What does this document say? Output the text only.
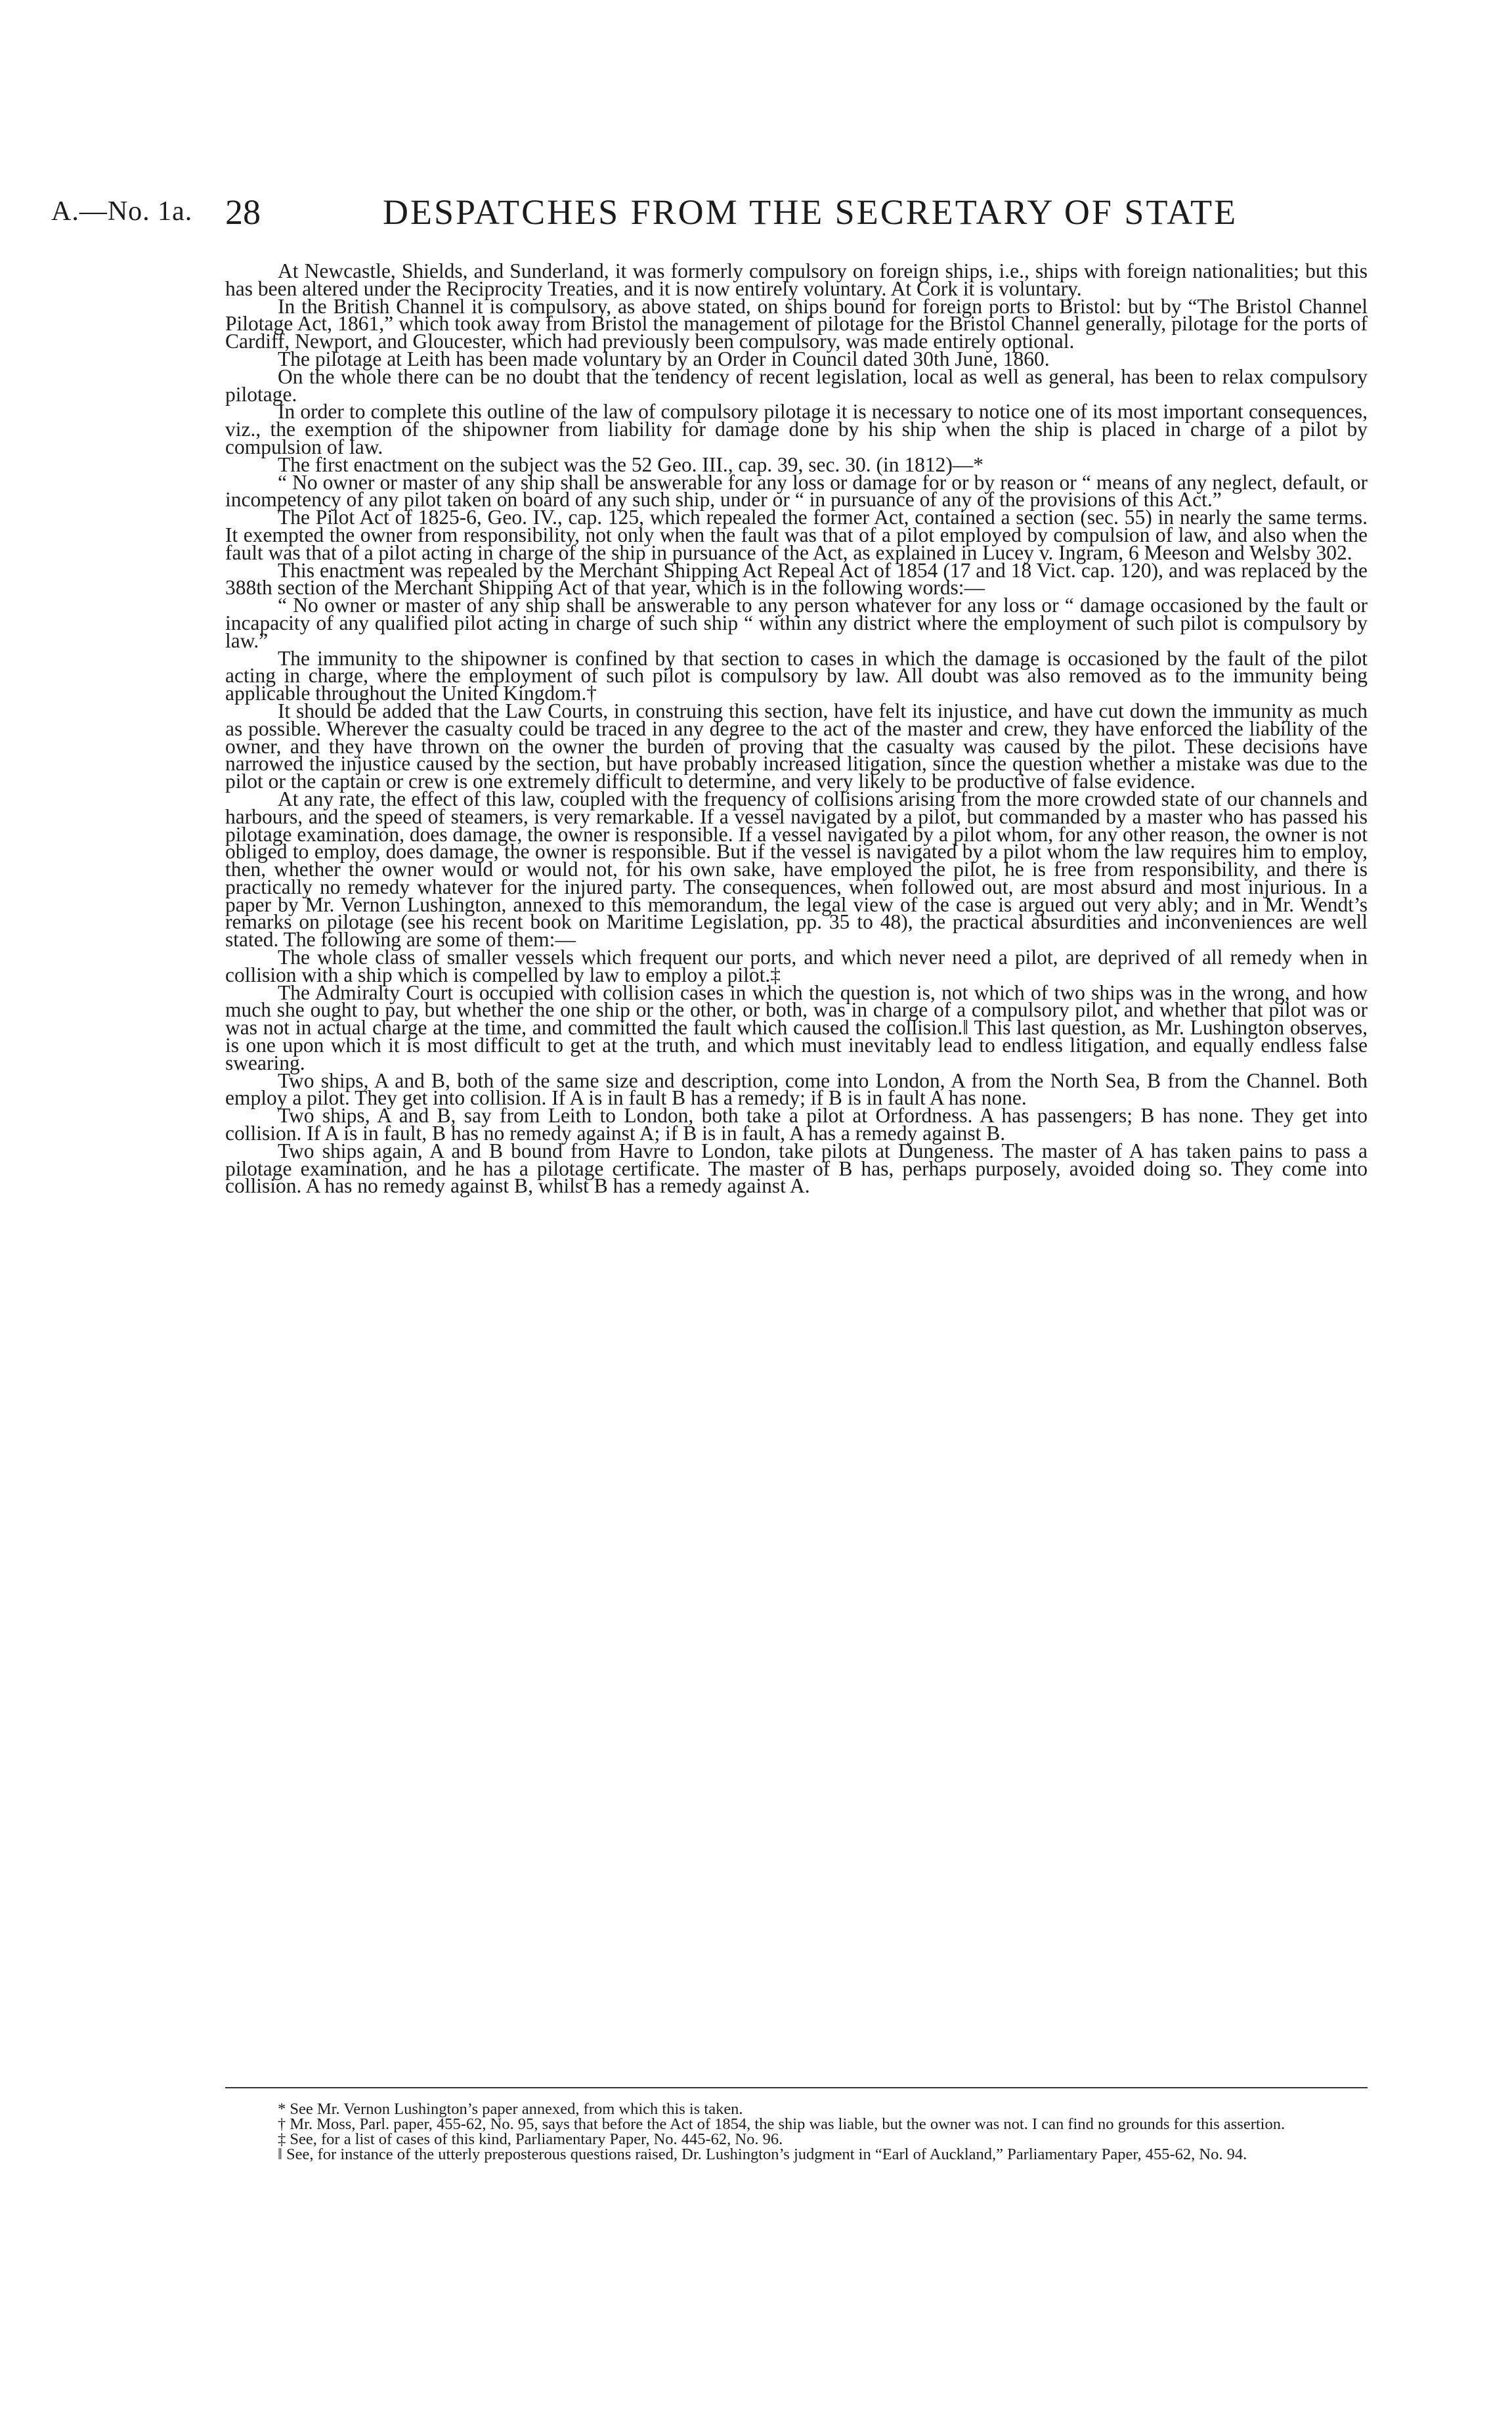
A.—No. 1a. 28	DESPATCHES FROM THE SECRETARY OF STATE

At Newcastle, Shields, and Sunderland, it was formerly compulsory on foreign ships, i.e., ships with foreign nationalities; but this has been altered under the Reciprocity Treaties, and it is now entirely voluntary. At Cork it is voluntary.

In the British Channel it is compulsory, as above stated, on ships bound for foreign ports to Bristol: but by “The Bristol Channel Pilotage Act, 1861,” which took away from Bristol the management of pilotage for the Bristol Channel generally, pilotage for the ports of Cardiff, Newport, and Gloucester, which had previously been compulsory, was made entirely optional.

The pilotage at Leith has been made voluntary by an Order in Council dated 30th June, 1860.

On the whole there can be no doubt that the tendency of recent legislation, local as well as general, has been to relax compulsory pilotage.

In order to complete this outline of the law of compulsory pilotage it is necessary to notice one of its most important consequences, viz., the exemption of the shipowner from liability for damage done by his ship when the ship is placed in charge of a pilot by compulsion of law.

The first enactment on the subject was the 52 Geo. III., cap. 39, sec. 30. (in 1812)—*

“ No owner or master of any ship shall be answerable for any loss or damage for or by reason or “ means of any neglect, default, or incompetency of any pilot taken on board of any such ship, under or “ in pursuance of any of the provisions of this Act.”

The Pilot Act of 1825-6, Geo. IV., cap. 125, which repealed the former Act, contained a section (sec. 55) in nearly the same terms. It exempted the owner from responsibility, not only when the fault was that of a pilot employed by compulsion of law, and also when the fault was that of a pilot acting in charge of the ship in pursuance of the Act, as explained in Lucey v. Ingram, 6 Meeson and Welsby 302.

This enactment was repealed by the Merchant Shipping Act Repeal Act of 1854 (17 and 18 Vict. cap. 120), and was replaced by the 388th section of the Merchant Shipping Act of that year, which is in the following words:—

“ No owner or master of any ship shall be answerable to any person whatever for any loss or “ damage occasioned by the fault or incapacity of any qualified pilot acting in charge of such ship “ within any district where the employment of such pilot is compulsory by law.”

The immunity to the shipowner is confined by that section to cases in which the damage is occasioned by the fault of the pilot acting in charge, where the employment of such pilot is compulsory by law. All doubt was also removed as to the immunity being applicable throughout the United Kingdom.†

It should be added that the Law Courts, in construing this section, have felt its injustice, and have cut down the immunity as much as possible. Wherever the casualty could be traced in any degree to the act of the master and crew, they have enforced the liability of the owner, and they have thrown on the owner the burden of proving that the casualty was caused by the pilot. These decisions have narrowed the injustice caused by the section, but have probably increased litigation, since the question whether a mistake was due to the pilot or the captain or crew is one extremely difficult to determine, and very likely to be productive of false evidence.

At any rate, the effect of this law, coupled with the frequency of collisions arising from the more crowded state of our channels and harbours, and the speed of steamers, is very remarkable. If a vessel navigated by a pilot, but commanded by a master who has passed his pilotage examination, does damage, the owner is responsible. If a vessel navigated by a pilot whom, for any other reason, the owner is not obliged to employ, does damage, the owner is responsible. But if the vessel is navigated by a pilot whom the law requires him to employ, then, whether the owner would or would not, for his own sake, have employed the pilot, he is free from responsibility, and there is practically no remedy whatever for the injured party. The consequences, when followed out, are most absurd and most injurious. In a paper by Mr. Vernon Lushington, annexed to this memorandum, the legal view of the case is argued out very ably; and in Mr. Wendt’s remarks on pilotage (see his recent book on Maritime Legislation, pp. 35 to 48), the practical absurdities and inconveniences are well stated. The following are some of them:—

The whole class of smaller vessels which frequent our ports, and which never need a pilot, are deprived of all remedy when in collision with a ship which is compelled by law to employ a pilot.‡

The Admiralty Court is occupied with collision cases in which the question is, not which of two ships was in the wrong, and how much she ought to pay, but whether the one ship or the other, or both, was in charge of a compulsory pilot, and whether that pilot was or was not in actual charge at the time, and committed the fault which caused the collision.‖ This last question, as Mr. Lushington observes, is one upon which it is most difficult to get at the truth, and which must inevitably lead to endless litigation, and equally endless false swearing.

Two ships, A and B, both of the same size and description, come into London, A from the North Sea, B from the Channel. Both employ a pilot. They get into collision. If A is in fault B has a remedy; if B is in fault A has none.

Two ships, A and B, say from Leith to London, both take a pilot at Orfordness. A has passengers; B has none. They get into collision. If A is in fault, B has no remedy against A; if B is in fault, A has a remedy against B.

Two ships again, A and B bound from Havre to London, take pilots at Dungeness. The master of A has taken pains to pass a pilotage examination, and he has a pilotage certificate. The master of B has, perhaps purposely, avoided doing so. They come into collision. A has no remedy against B, whilst B has a remedy against A.

* See Mr. Vernon Lushington’s paper annexed, from which this is taken.

† Mr. Moss, Parl. paper, 455-62, No. 95, says that before the Act of 1854, the ship was liable, but the owner was not. I can find no grounds for this assertion.

‡ See, for a list of cases of this kind, Parliamentary Paper, No. 445-62, No. 96.

‖ See, for instance of the utterly preposterous questions raised, Dr. Lushington’s judgment in “Earl of Auckland,” Parliamentary Paper, 455-62, No. 94.
